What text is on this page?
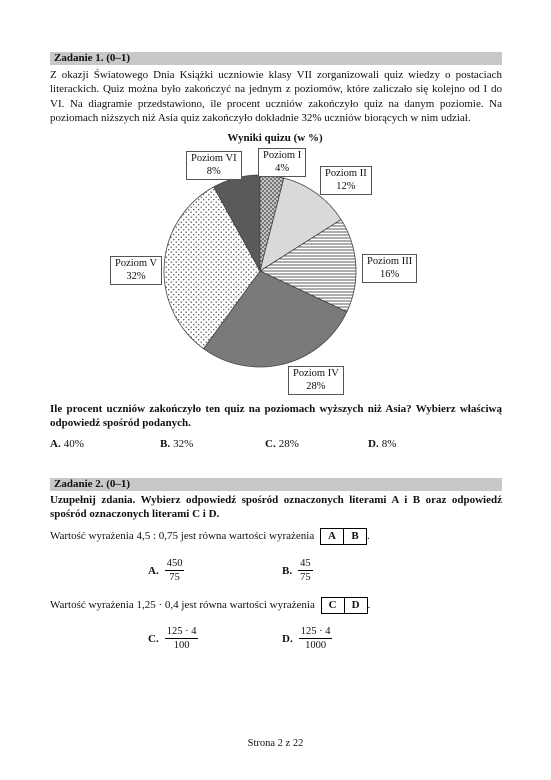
Zadanie 1. (0–1)
Z okazji Światowego Dnia Książki uczniowie klasy VII zorganizowali quiz wiedzy o postaciach literackich. Quiz można było zakończyć na jednym z poziomów, które zaliczało się kolejno od I do VI. Na diagramie przedstawiono, ile procent uczniów zakończyło quiz na danym poziomie. Na poziomach niższych niż Asia quiz zakończyło dokładnie 32% uczniów biorących w nim udział.
Wyniki quizu (w %)
Poziom I
4%	Poziom II
12%
Poziom III
16%
Poziom IV
28%
Poziom V
32%
Poziom VI
8%
Ile procent uczniów zakończyło ten quiz na poziomach wyższych niż Asia? Wybierz właściwą odpowiedź spośród podanych.
A. 40%	B. 32%	C. 28%	D. 8%
Zadanie 2. (0–1)
Uzupełnij zdania. Wybierz odpowiedź spośród oznaczonych literami A i B oraz odpowiedź spośród oznaczonych literami C i D.
Wartość wyrażenia 4,5 : 0,75 jest równa wartości wyrażenia A B .
A. $\frac{450}{75}$	B. $\frac{45}{75}$
Wartość wyrażenia 1,25 · 0,4 jest równa wartości wyrażenia C D .
C. $\frac{125 \cdot 4}{100}$	D. $\frac{125 \cdot 4}{1000}$
Strona 2 z 22
